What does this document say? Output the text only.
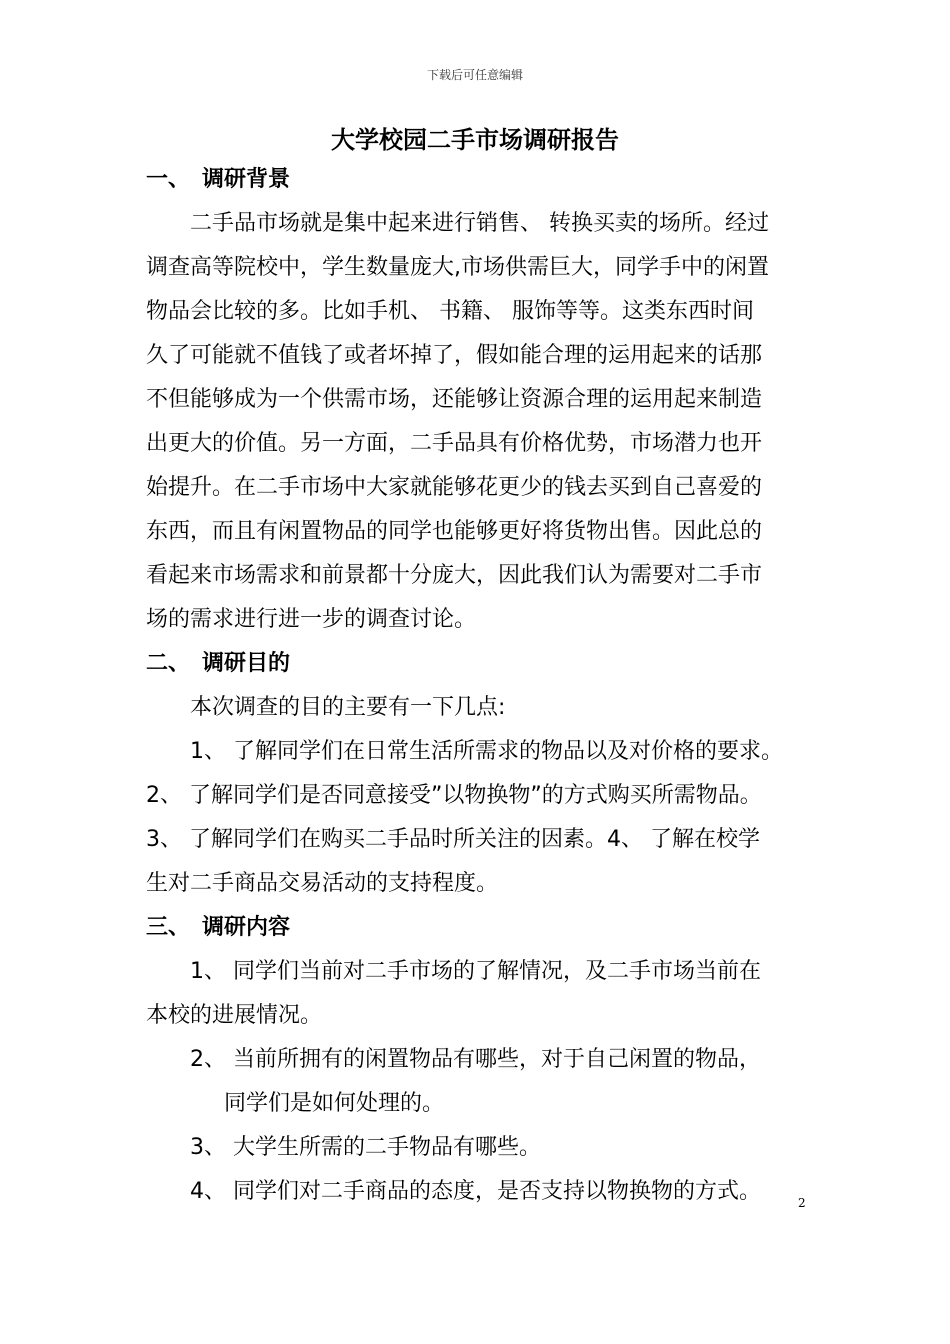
下载后可任意编辑
大学校园二手市场调研报告
一、 调研背景
二手品市场就是集中起来进行销售、 转换买卖的场所。经过
调查高等院校中，学生数量庞大,市场供需巨大，同学手中的闲置
物品会比较的多。比如手机、 书籍、 服饰等等。这类东西时间
久了可能就不值钱了或者坏掉了，假如能合理的运用起来的话那
不但能够成为一个供需市场，还能够让资源合理的运用起来制造
出更大的价值。另一方面，二手品具有价格优势，市场潜力也开
始提升。在二手市场中大家就能够花更少的钱去买到自己喜爱的
东西，而且有闲置物品的同学也能够更好将货物出售。因此总的
看起来市场需求和前景都十分庞大，因此我们认为需要对二手市
场的需求进行进一步的调查讨论。
二、 调研目的
本次调查的目的主要有一下几点:
1、 了解同学们在日常生活所需求的物品以及对价格的要求。
2、 了解同学们是否同意接受”以物换物”的方式购买所需物品。
3、 了解同学们在购买二手品时所关注的因素。4、 了解在校学
生对二手商品交易活动的支持程度。
三、 调研内容
1、 同学们当前对二手市场的了解情况，及二手市场当前在
本校的进展情况。
2、 当前所拥有的闲置物品有哪些，对于自己闲置的物品，
同学们是如何处理的。
3、 大学生所需的二手物品有哪些。
4、 同学们对二手商品的态度，是否支持以物换物的方式。	2
